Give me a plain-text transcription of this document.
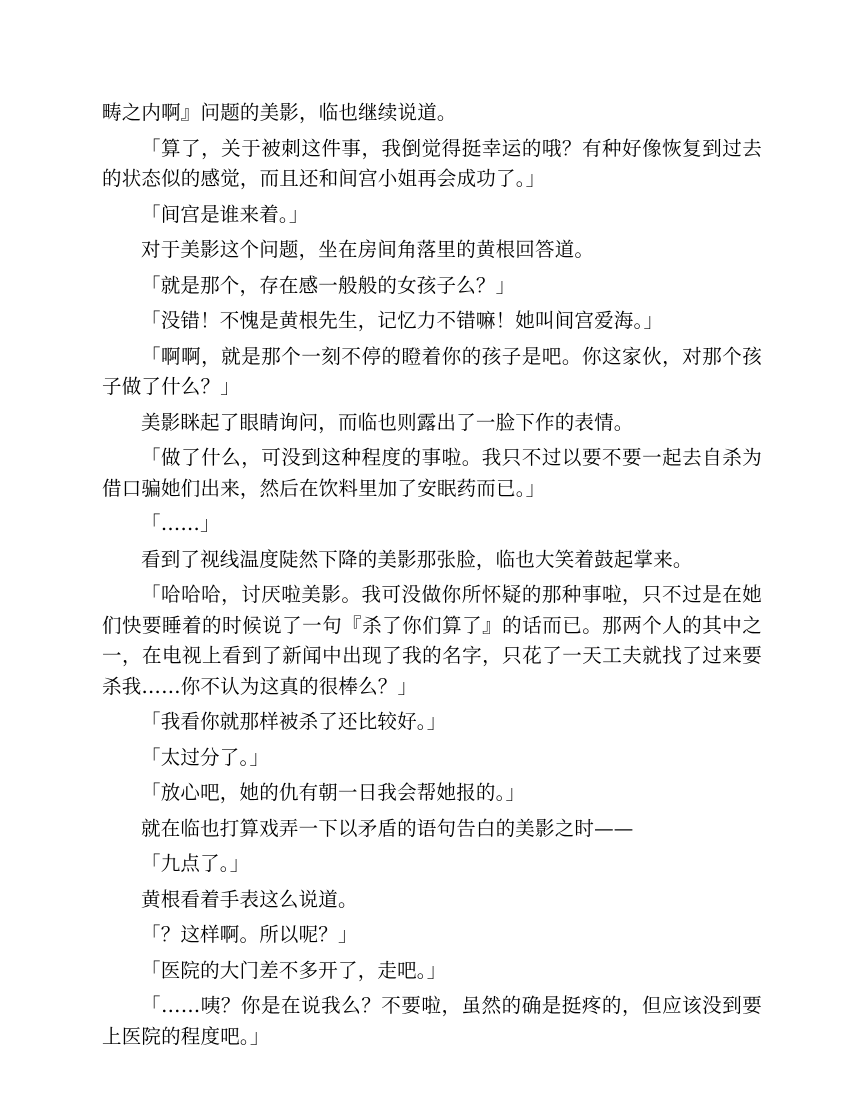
畴之内啊』问题的美影，临也继续说道。

「算了，关于被刺这件事，我倒觉得挺幸运的哦？有种好像恢复到过去的状态似的感觉，而且还和间宫小姐再会成功了。」

「间宫是谁来着。」

对于美影这个问题，坐在房间角落里的黄根回答道。

「就是那个，存在感一般般的女孩子么？」

「没错！不愧是黄根先生，记忆力不错嘛！她叫间宫爱海。」

「啊啊，就是那个一刻不停的瞪着你的孩子是吧。你这家伙，对那个孩子做了什么？」

美影眯起了眼睛询问，而临也则露出了一脸下作的表情。

「做了什么，可没到这种程度的事啦。我只不过以要不要一起去自杀为借口骗她们出来，然后在饮料里加了安眠药而已。」

「……」

看到了视线温度陡然下降的美影那张脸，临也大笑着鼓起掌来。

「哈哈哈，讨厌啦美影。我可没做你所怀疑的那种事啦，只不过是在她们快要睡着的时候说了一句『杀了你们算了』的话而已。那两个人的其中之一，在电视上看到了新闻中出现了我的名字，只花了一天工夫就找了过来要杀我……你不认为这真的很棒么？」

「我看你就那样被杀了还比较好。」

「太过分了。」

「放心吧，她的仇有朝一日我会帮她报的。」

就在临也打算戏弄一下以矛盾的语句告白的美影之时——

「九点了。」

黄根看着手表这么说道。

「？这样啊。所以呢？」

「医院的大门差不多开了，走吧。」

「……咦？你是在说我么？不要啦，虽然的确是挺疼的，但应该没到要上医院的程度吧。」
